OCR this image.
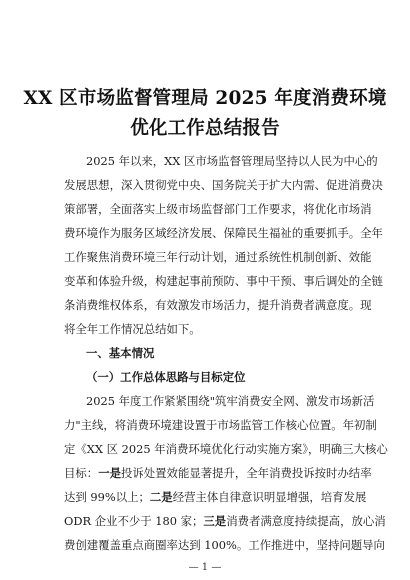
XX 区市场监督管理局 2025 年度消费环境
优化工作总结报告
2025 年以来，XX 区市场监督管理局坚持以人民为中心的
发展思想，深入贯彻党中央、国务院关于扩大内需、促进消费决
策部署，全面落实上级市场监督部门工作要求，将优化市场消
费环境作为服务区域经济发展、保障民生福祉的重要抓手。全年
工作聚焦消费环境三年行动计划，通过系统性机制创新、效能
变革和体验升级，构建起事前预防、事中干预、事后调处的全链
条消费维权体系，有效激发市场活力，提升消费者满意度。现
将全年工作情况总结如下。
一、基本情况
（一）工作总体思路与目标定位
2025 年度工作紧紧围绕"筑牢消费安全网、激发市场新活
力"主线，将消费环境建设置于市场监管工作核心位置。年初制
定《XX 区 2025 年消费环境优化行动实施方案》，明确三大核心
目标：一是投诉处置效能显著提升，全年消费投诉按时办结率
达到 99%以上；二是经营主体自律意识明显增强，培育发展
ODR 企业不少于 180 家；三是消费者满意度持续提高，放心消
费创建覆盖重点商圈率达到 100%。工作推进中，坚持问题导向
— 1 —
